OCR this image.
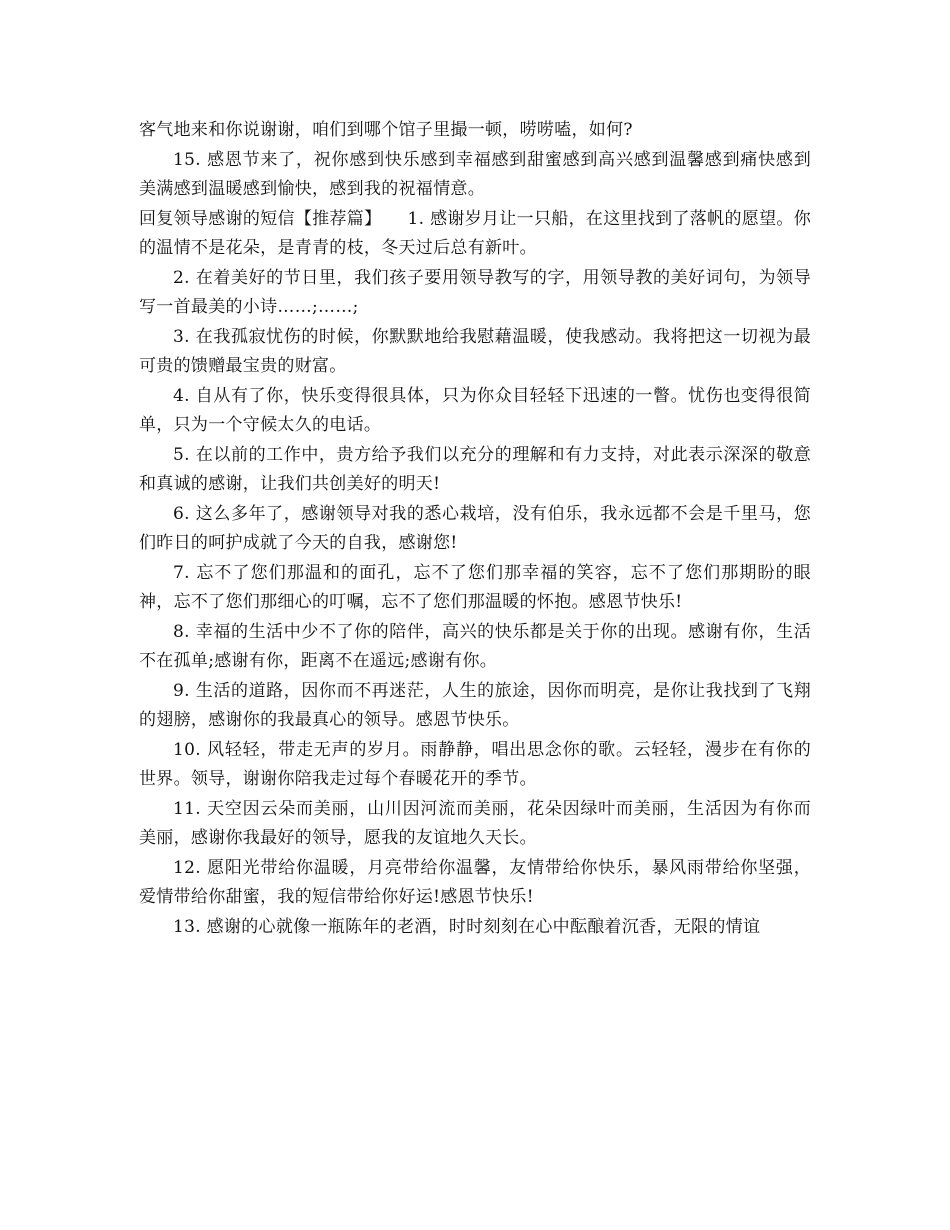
客气地来和你说谢谢，咱们到哪个馆子里撮一顿，唠唠嗑，如何?

15. 感恩节来了，祝你感到快乐感到幸福感到甜蜜感到高兴感到温馨感到痛快感到美满感到温暖感到愉快，感到我的祝福情意。

回复领导感谢的短信【推荐篇】　　1. 感谢岁月让一只船，在这里找到了落帆的愿望。你的温情不是花朵，是青青的枝，冬天过后总有新叶。

2. 在着美好的节日里，我们孩子要用领导教写的字，用领导教的美好词句，为领导写一首最美的小诗……;……;

3. 在我孤寂忧伤的时候，你默默地给我慰藉温暖，使我感动。我将把这一切视为最可贵的馈赠最宝贵的财富。

4. 自从有了你，快乐变得很具体，只为你众目轻轻下迅速的一瞥。忧伤也变得很简单，只为一个守候太久的电话。

5. 在以前的工作中，贵方给予我们以充分的理解和有力支持，对此表示深深的敬意和真诚的感谢，让我们共创美好的明天!

6. 这么多年了，感谢领导对我的悉心栽培，没有伯乐，我永远都不会是千里马，您们昨日的呵护成就了今天的自我，感谢您!

7. 忘不了您们那温和的面孔，忘不了您们那幸福的笑容，忘不了您们那期盼的眼神，忘不了您们那细心的叮嘱，忘不了您们那温暖的怀抱。感恩节快乐!

8. 幸福的生活中少不了你的陪伴，高兴的快乐都是关于你的出现。感谢有你，生活不在孤单;感谢有你，距离不在遥远;感谢有你。

9. 生活的道路，因你而不再迷茫，人生的旅途，因你而明亮，是你让我找到了飞翔的翅膀，感谢你的我最真心的领导。感恩节快乐。

10. 风轻轻，带走无声的岁月。雨静静，唱出思念你的歌。云轻轻，漫步在有你的世界。领导，谢谢你陪我走过每个春暖花开的季节。

11. 天空因云朵而美丽，山川因河流而美丽，花朵因绿叶而美丽，生活因为有你而美丽，感谢你我最好的领导，愿我的友谊地久天长。

12. 愿阳光带给你温暖，月亮带给你温馨，友情带给你快乐，暴风雨带给你坚强，爱情带给你甜蜜，我的短信带给你好运!感恩节快乐!

13. 感谢的心就像一瓶陈年的老酒，时时刻刻在心中酝酿着沉香，无限的情谊
